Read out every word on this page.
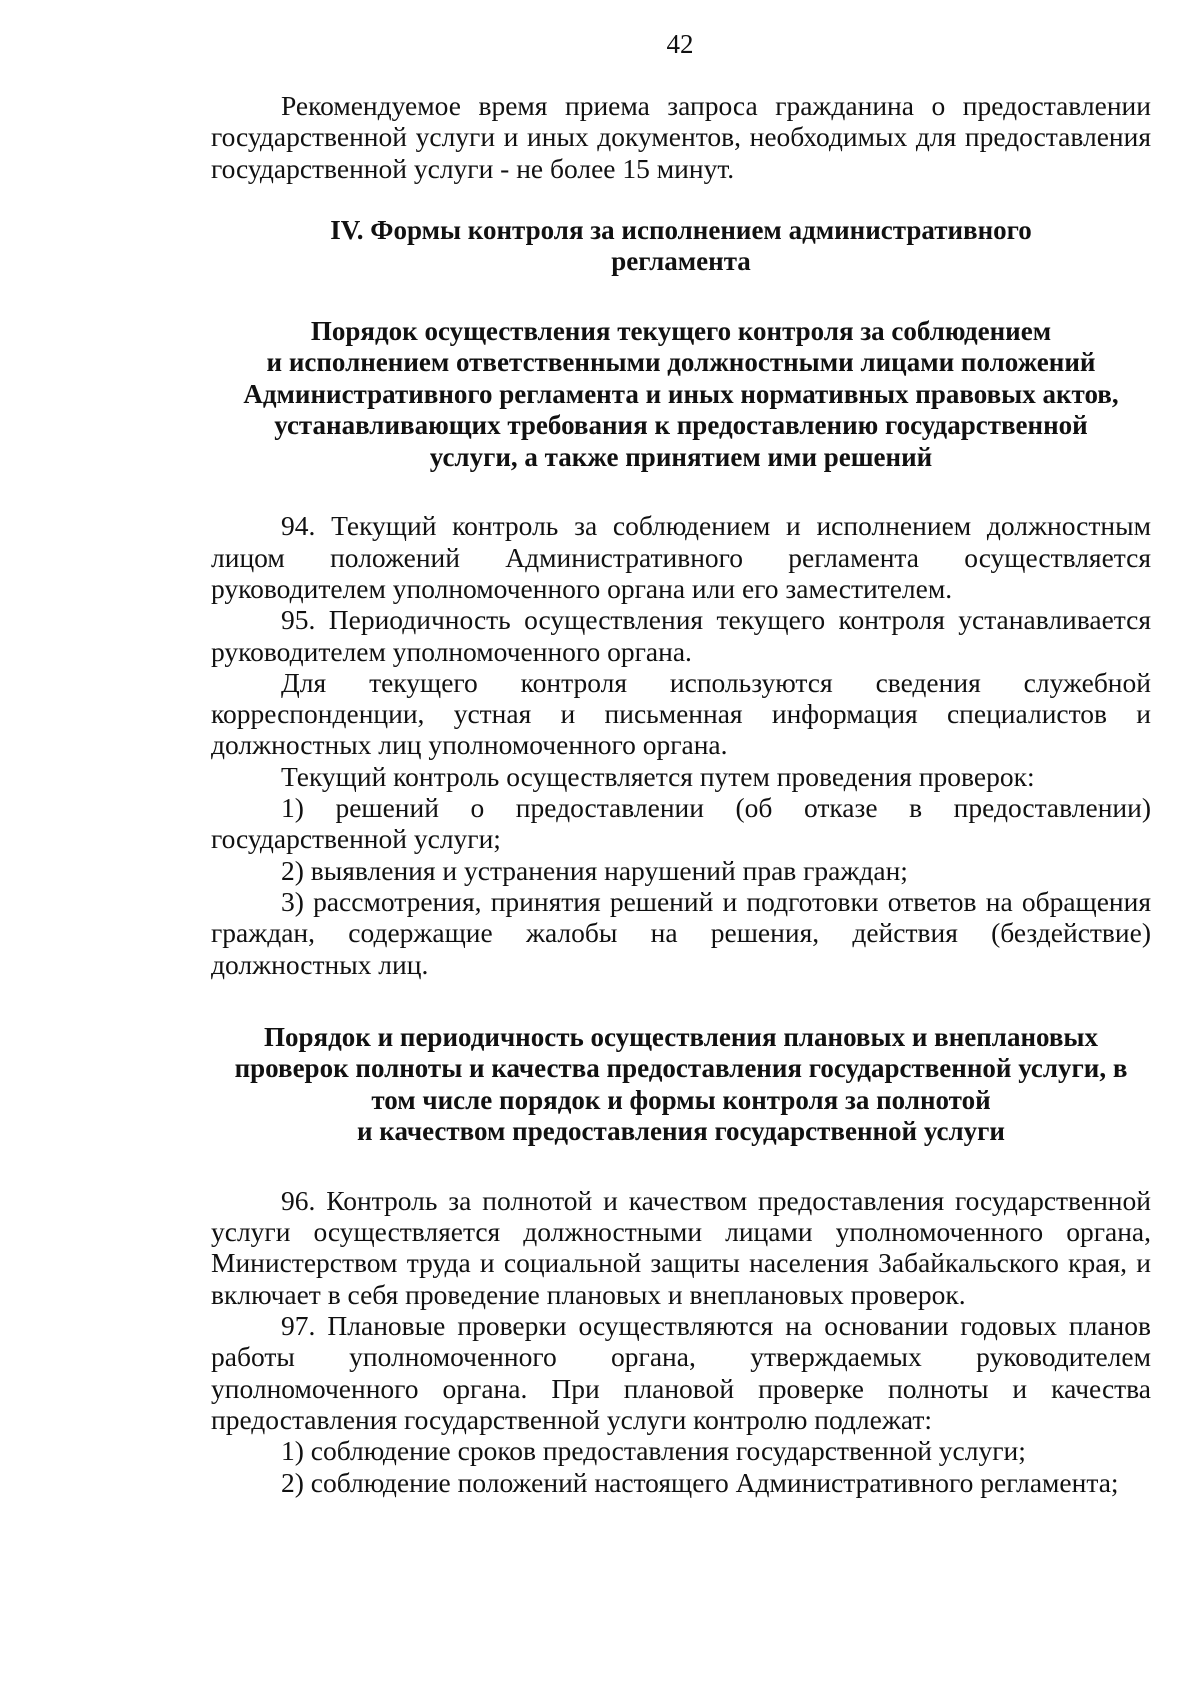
42

Рекомендуемое время приема запроса гражданина о предоставлении государственной услуги и иных документов, необходимых для предоставления государственной услуги - не более 15 минут.

IV. Формы контроля за исполнением административного
регламента
Порядок осуществления текущего контроля за соблюдением
и исполнением ответственными должностными лицами положений
Административного регламента и иных нормативных правовых актов,
устанавливающих требования к предоставлению государственной
услуги, а также принятием ими решений

94. Текущий контроль за соблюдением и исполнением должностным лицом положений Административного регламента осуществляется руководителем уполномоченного органа или его заместителем.

95. Периодичность осуществления текущего контроля устанавливается руководителем уполномоченного органа.

Для текущего контроля используются сведения служебной корреспонденции, устная и письменная информация специалистов и должностных лиц уполномоченного органа.

Текущий контроль осуществляется путем проведения проверок:

1) решений о предоставлении (об отказе в предоставлении) государственной услуги;

2) выявления и устранения нарушений прав граждан;

3) рассмотрения, принятия решений и подготовки ответов на обращения граждан, содержащие жалобы на решения, действия (бездействие) должностных лиц.

Порядок и периодичность осуществления плановых и внеплановых
проверок полноты и качества предоставления государственной услуги, в
том числе порядок и формы контроля за полнотой
и качеством предоставления государственной услуги

96. Контроль за полнотой и качеством предоставления государственной услуги осуществляется должностными лицами уполномоченного органа, Министерством труда и социальной защиты населения Забайкальского края, и включает в себя проведение плановых и внеплановых проверок.

97. Плановые проверки осуществляются на основании годовых планов работы уполномоченного органа, утверждаемых руководителем уполномоченного органа. При плановой проверке полноты и качества предоставления государственной услуги контролю подлежат:

1) соблюдение сроков предоставления государственной услуги;

2) соблюдение положений настоящего Административного регламента;
